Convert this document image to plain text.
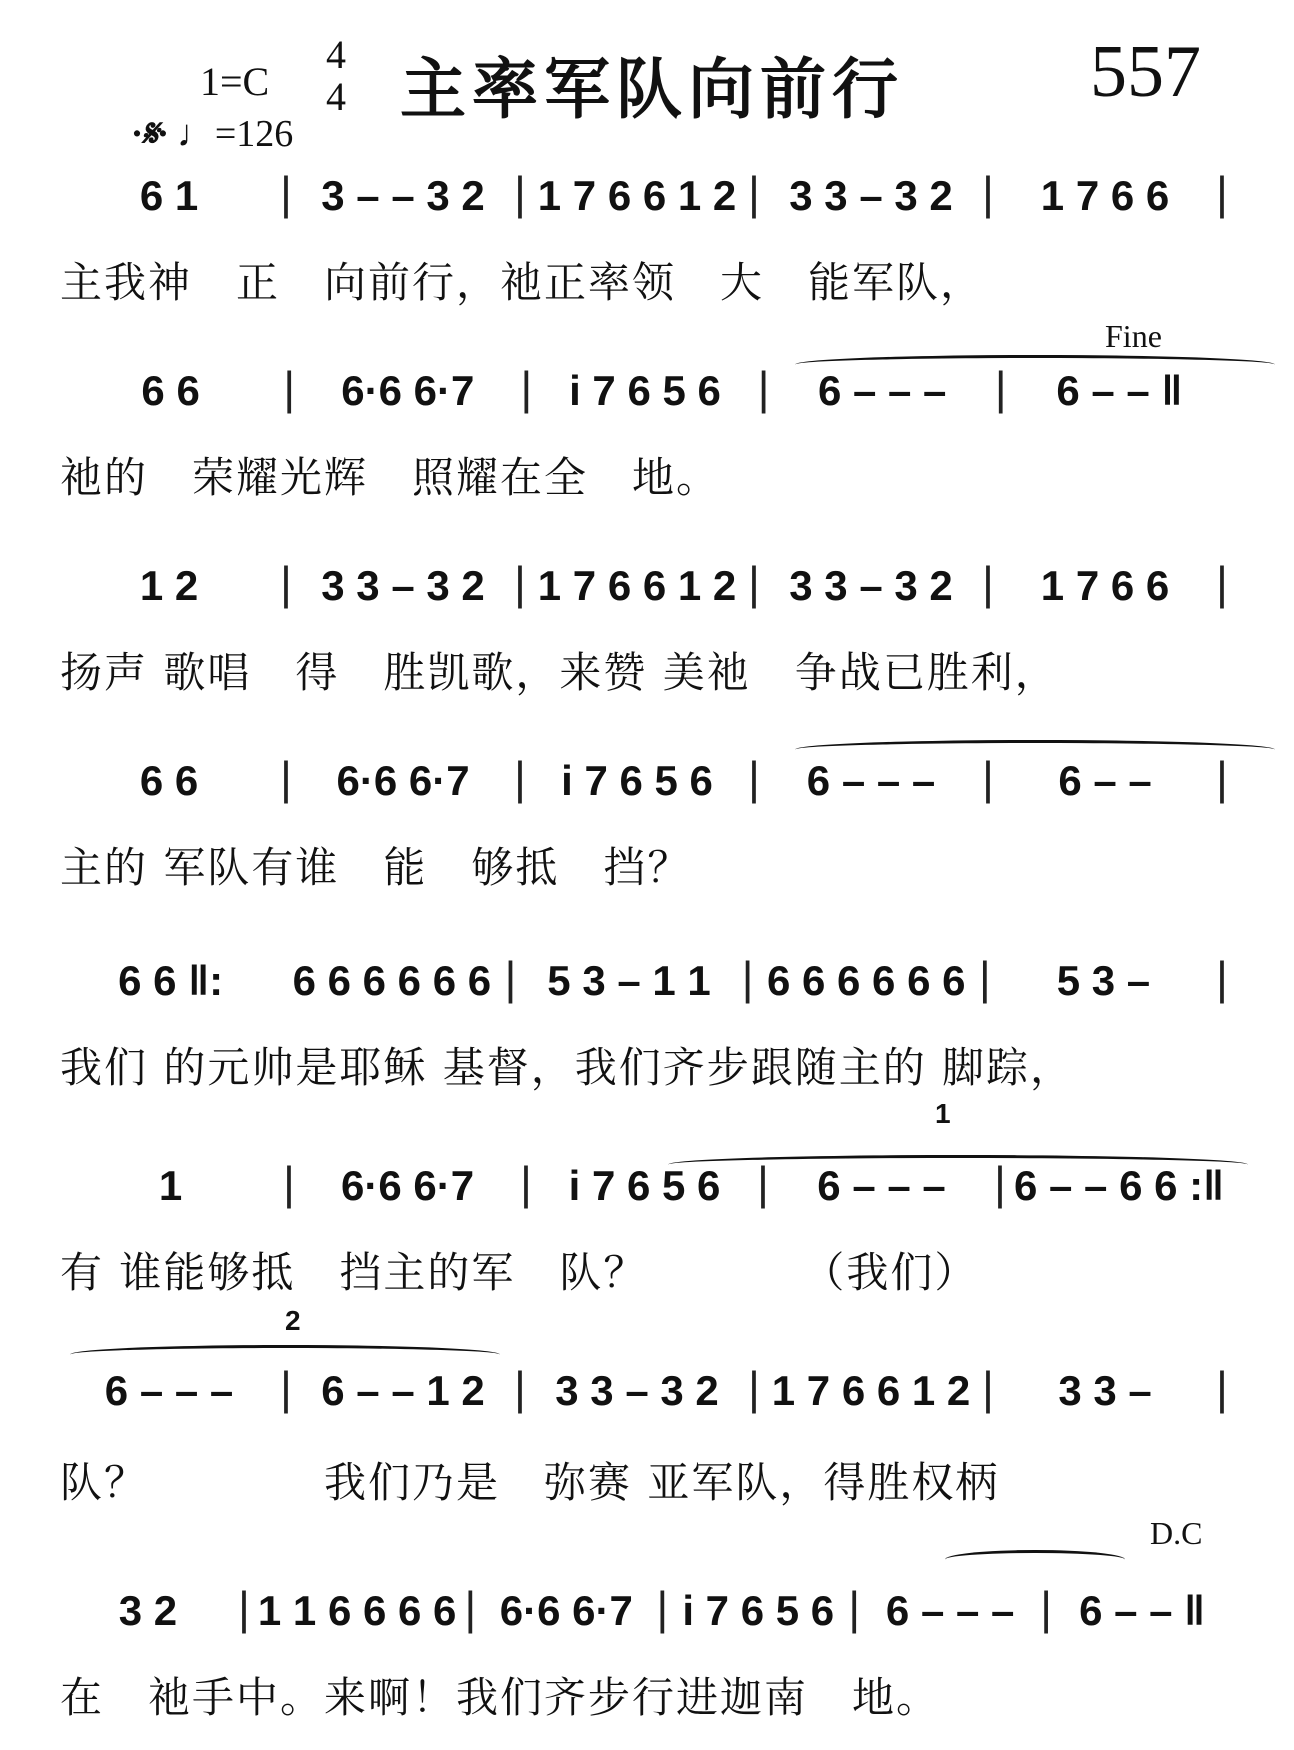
1=C
4
4 主率军队向前行	557
·𝄋· ♩=126
Fine
D.C
1
2
6 1	| 3 – – 3 2 | 1 7 6 6 1 2 | 3 3 – 3 2 |	1 7 6 6	|
主我神　正　向前行，祂正率领　大　能军队，
6 6	|	6·6 6·7	| i 7 6 5 6 |	6 – – –	|	6 – – ‖
祂的　荣耀光辉　照耀在全　地。
1 2	| 3 3 – 3 2 | 1 7 6 6 1 2 | 3 3 – 3 2 |	1 7 6 6	|
扬声 歌唱　得　胜凯歌，来赞 美祂　争战已胜利，
6 6	|	6·6 6·7 | i 7 6 5 6 |	6 – – –	|	6 – –	|
主的 军队有谁　能　够抵　挡？
6 6 ‖:	6 6 6 6 6 6 | 5 3 – 1 1 | 6 6 6 6 6 6 |	5 3 –	|
我们 的元帅是耶稣 基督，我们齐步跟随主的 脚踪，
1	|	6·6 6·7 | i 7 6 5 6 |	6 – – –	| 6 – – 6 6 :‖
有 谁能够抵　挡主的军　队？　　　　（我们）
6 – – –	| 6 – – 1 2 | 3 3 – 3 2 | 1 7 6 6 1 2 |	3 3 –	|
队？　　　　我们乃是　弥赛 亚军队，得胜权柄
3 2	| 1 1 6 6 6 6 | 6·6 6·7 | i 7 6 5 6 | 6 – – – | 6 – – ‖
在　祂手中。来啊！我们齐步行进迦南　地。
